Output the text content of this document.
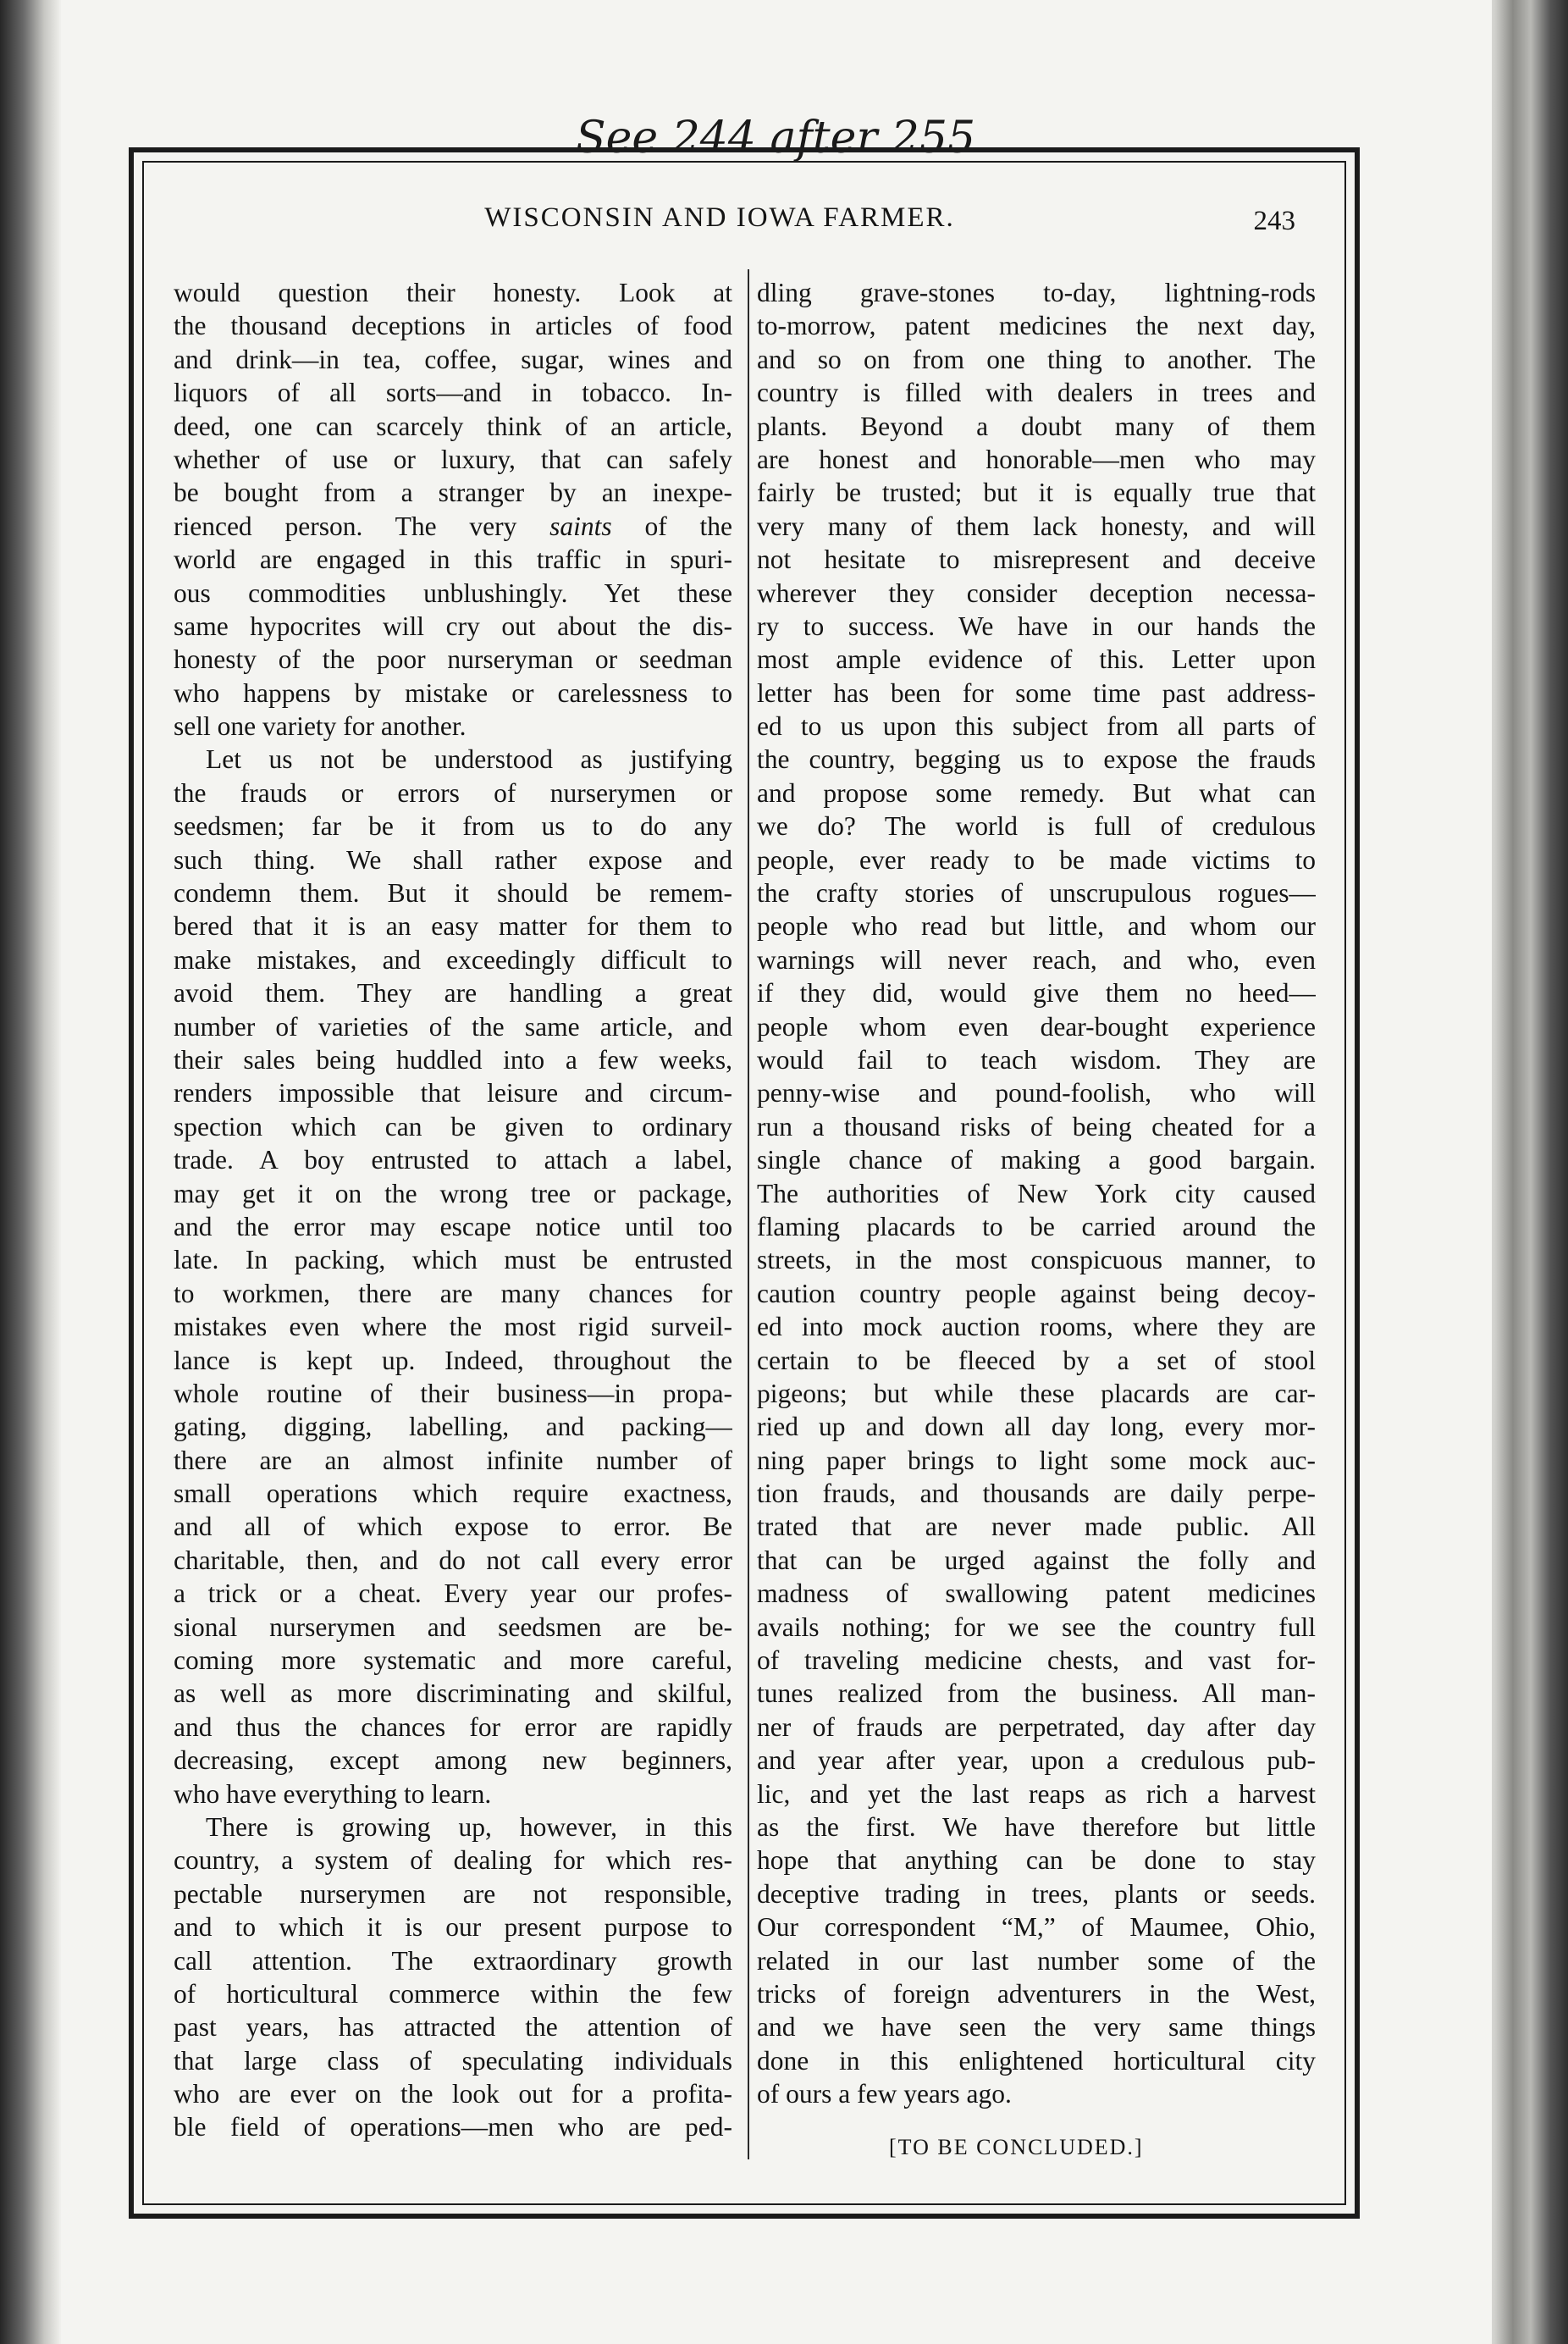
See 244 after 255
WISCONSIN AND IOWA FARMER.	243
would question their honesty. Look at
the thousand deceptions in articles of food
and drink—in tea, coffee, sugar, wines and
liquors of all sorts—and in tobacco. In-
deed, one can scarcely think of an article,
whether of use or luxury, that can safely
be bought from a stranger by an inexpe-
rienced person. The very saints of the
world are engaged in this traffic in spuri-
ous commodities unblushingly. Yet these
same hypocrites will cry out about the dis-
honesty of the poor nurseryman or seedman
who happens by mistake or carelessness to
sell one variety for another.
Let us not be understood as justifying
the frauds or errors of nurserymen or
seedsmen; far be it from us to do any
such thing. We shall rather expose and
condemn them. But it should be remem-
bered that it is an easy matter for them to
make mistakes, and exceedingly difficult to
avoid them. They are handling a great
number of varieties of the same article, and
their sales being huddled into a few weeks,
renders impossible that leisure and circum-
spection which can be given to ordinary
trade. A boy entrusted to attach a label,
may get it on the wrong tree or package,
and the error may escape notice until too
late. In packing, which must be entrusted
to workmen, there are many chances for
mistakes even where the most rigid surveil-
lance is kept up. Indeed, throughout the
whole routine of their business—in propa-
gating, digging, labelling, and packing—
there are an almost infinite number of
small operations which require exactness,
and all of which expose to error. Be
charitable, then, and do not call every error
a trick or a cheat. Every year our profes-
sional nurserymen and seedsmen are be-
coming more systematic and more careful,
as well as more discriminating and skilful,
and thus the chances for error are rapidly
decreasing, except among new beginners,
who have everything to learn.
There is growing up, however, in this
country, a system of dealing for which res-
pectable nurserymen are not responsible,
and to which it is our present purpose to
call attention. The extraordinary growth
of horticultural commerce within the few
past years, has attracted the attention of
that large class of speculating individuals
who are ever on the look out for a profita-
ble field of operations—men who are ped-
dling grave-stones to-day, lightning-rods
to-morrow, patent medicines the next day,
and so on from one thing to another. The
country is filled with dealers in trees and
plants. Beyond a doubt many of them
are honest and honorable—men who may
fairly be trusted; but it is equally true that
very many of them lack honesty, and will
not hesitate to misrepresent and deceive
wherever they consider deception necessa-
ry to success. We have in our hands the
most ample evidence of this. Letter upon
letter has been for some time past address-
ed to us upon this subject from all parts of
the country, begging us to expose the frauds
and propose some remedy. But what can
we do? The world is full of credulous
people, ever ready to be made victims to
the crafty stories of unscrupulous rogues—
people who read but little, and whom our
warnings will never reach, and who, even
if they did, would give them no heed—
people whom even dear-bought experience
would fail to teach wisdom. They are
penny-wise and pound-foolish, who will
run a thousand risks of being cheated for a
single chance of making a good bargain.
The authorities of New York city caused
flaming placards to be carried around the
streets, in the most conspicuous manner, to
caution country people against being decoy-
ed into mock auction rooms, where they are
certain to be fleeced by a set of stool
pigeons; but while these placards are car-
ried up and down all day long, every mor-
ning paper brings to light some mock auc-
tion frauds, and thousands are daily perpe-
trated that are never made public. All
that can be urged against the folly and
madness of swallowing patent medicines
avails nothing; for we see the country full
of traveling medicine chests, and vast for-
tunes realized from the business. All man-
ner of frauds are perpetrated, day after day
and year after year, upon a credulous pub-
lic, and yet the last reaps as rich a harvest
as the first. We have therefore but little
hope that anything can be done to stay
deceptive trading in trees, plants or seeds.
Our correspondent “M,” of Maumee, Ohio,
related in our last number some of the
tricks of foreign adventurers in the West,
and we have seen the very same things
done in this enlightened horticultural city
of ours a few years ago.
[TO BE CONCLUDED.]
